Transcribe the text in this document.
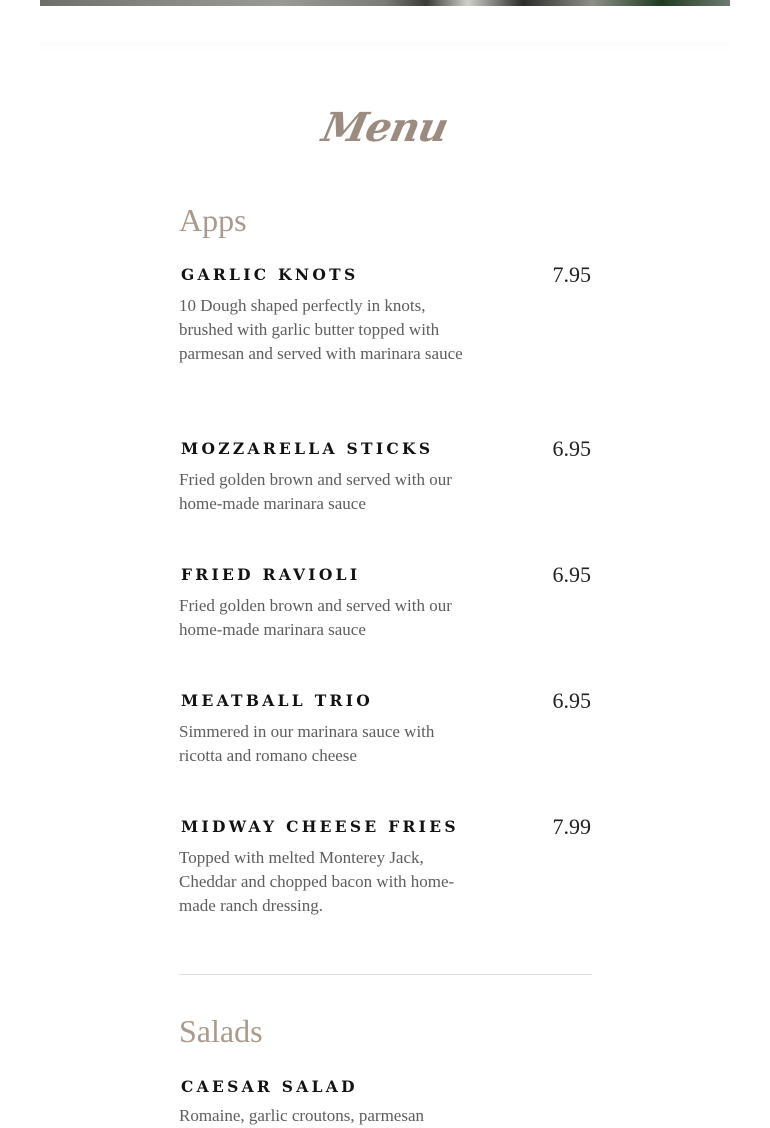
Menu
Apps
GARLIC KNOTS	7.95
10 Dough shaped perfectly in knots, brushed with garlic butter topped with parmesan and served with marinara sauce
MOZZARELLA STICKS	6.95
Fried golden brown and served with our home-made marinara sauce
FRIED RAVIOLI	6.95
Fried golden brown and served with our home-made marinara sauce
MEATBALL TRIO	6.95
Simmered in our marinara sauce with ricotta and romano cheese
MIDWAY CHEESE FRIES	7.99
Topped with melted Monterey Jack, Cheddar and chopped bacon with home-made ranch dressing.
Salads
CAESAR SALAD
Romaine, garlic croutons, parmesan
